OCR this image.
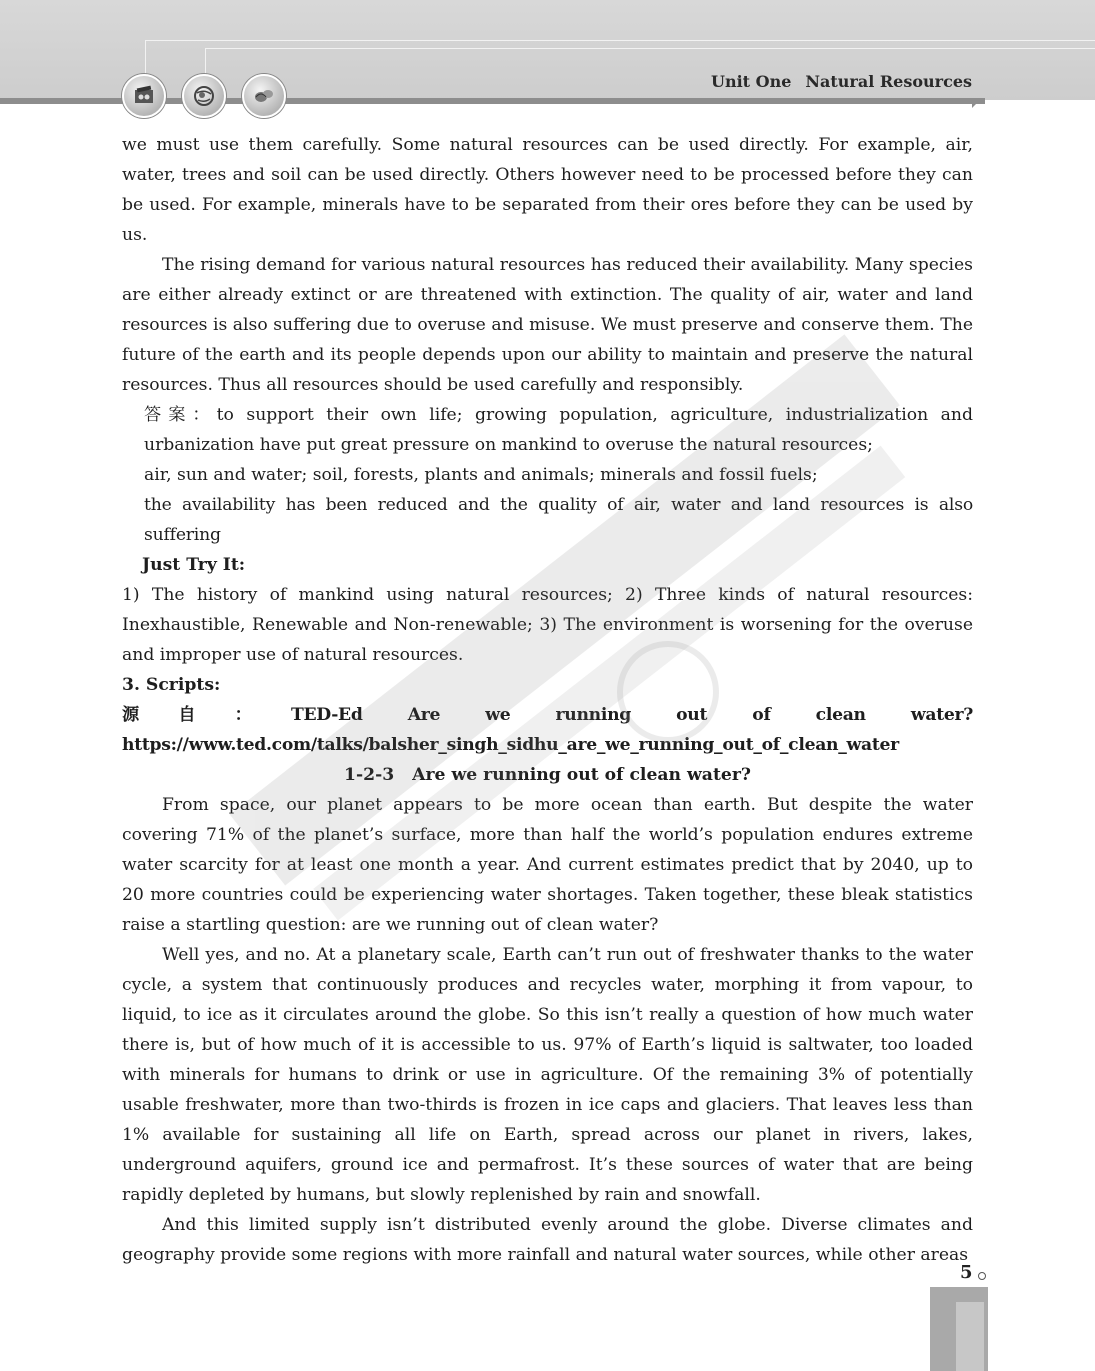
Unit One Natural Resources

we must use them carefully. Some natural resources can be used directly. For example, air, water, trees and soil can be used directly. Others however need to be processed before they can be used. For example, minerals have to be separated from their ores before they can be used by us.

The rising demand for various natural resources has reduced their availability. Many species are either already extinct or are threatened with extinction. The quality of air, water and land resources is also suffering due to overuse and misuse. We must preserve and conserve them. The future of the earth and its people depends upon our ability to maintain and preserve the natural resources. Thus all resources should be used carefully and responsibly.

答案：to support their own life; growing population, agriculture, industrialization and urbanization have put great pressure on mankind to overuse the natural resources;

air, sun and water; soil, forests, plants and animals; minerals and fossil fuels;

the availability has been reduced and the quality of air, water and land resources is also suffering

Just Try It:

1) The history of mankind using natural resources; 2) Three kinds of natural resources: Inexhaustible, Renewable and Non-renewable; 3) The environment is worsening for the overuse and improper use of natural resources.

3. Scripts:

源自：TED-Ed Are we running out of clean water? https://www.ted.com/talks/balsher_singh_sidhu_are_we_running_out_of_clean_water

1-2-3   Are we running out of clean water?

From space, our planet appears to be more ocean than earth. But despite the water covering 71% of the planet’s surface, more than half the world’s population endures extreme water scarcity for at least one month a year. And current estimates predict that by 2040, up to 20 more countries could be experiencing water shortages. Taken together, these bleak statistics raise a startling question: are we running out of clean water?

Well yes, and no. At a planetary scale, Earth can’t run out of freshwater thanks to the water cycle, a system that continuously produces and recycles water, morphing it from vapour, to liquid, to ice as it circulates around the globe. So this isn’t really a question of how much water there is, but of how much of it is accessible to us. 97% of Earth’s liquid is saltwater, too loaded with minerals for humans to drink or use in agriculture. Of the remaining 3% of potentially usable freshwater, more than two-thirds is frozen in ice caps and glaciers. That leaves less than 1% available for sustaining all life on Earth, spread across our planet in rivers, lakes, underground aquifers, ground ice and permafrost. It’s these sources of water that are being rapidly depleted by humans, but slowly replenished by rain and snowfall.

And this limited supply isn’t distributed evenly around the globe. Diverse climates and geography provide some regions with more rainfall and natural water sources, while other areas

5
